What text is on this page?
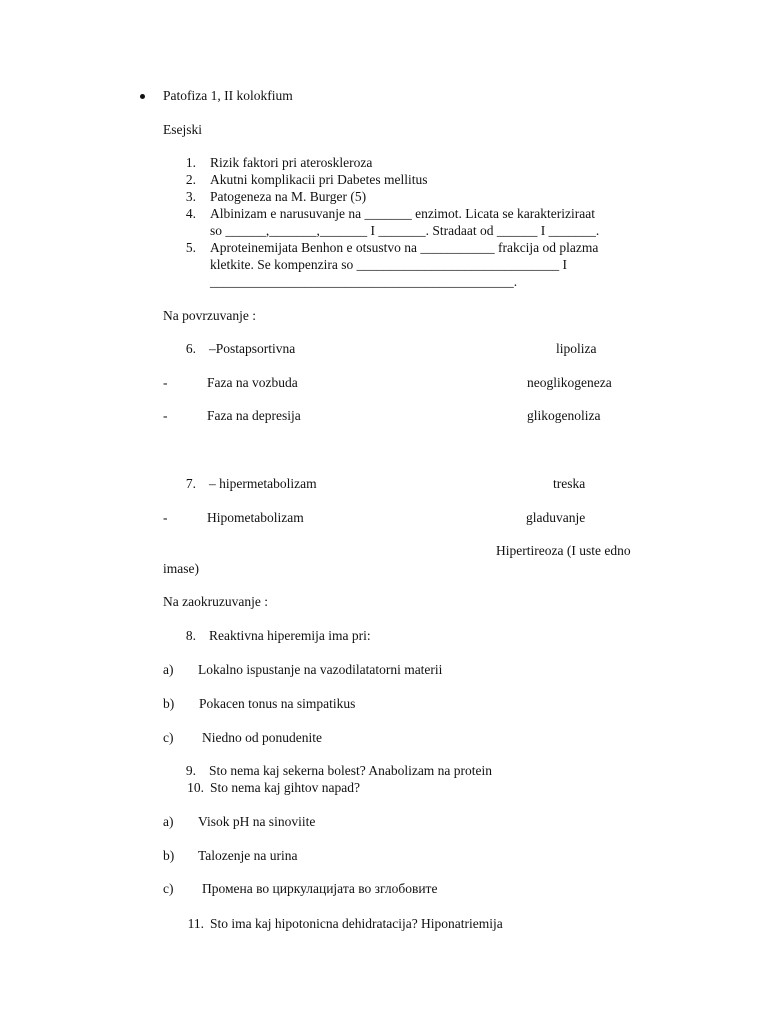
Patofiza 1, II kolokfium
Esejski
1. Rizik faktori pri ateroskleroza
2. Akutni komplikacii pri Dabetes mellitus
3. Patogeneza na M. Burger (5)
4. Albinizam e narusuvanje na _______ enzimot. Licata se karakteriziraat
so ______,_______,_______ I _______. Stradaat od ______ I _______.
5. Aproteinemijata Benhon e otsustvo na ___________ frakcija od plazma
kletkite. Se kompenzira so ______________________________ I
_____________________________________________.
Na povrzuvanje :
6. –Postapsortivna	lipoliza
-	Faza na vozbuda	neoglikogeneza
-	Faza na depresija	glikogenoliza
7. – hipermetabolizam	treska
-	Hipometabolizam	gladuvanje
Hipertireoza (I uste edno
imase)
Na zaokruzuvanje :
8. Reaktivna hiperemija ima pri:
a) Lokalno ispustanje na vazodilatatorni materii
b) Pokacen tonus na simpatikus
c) Niedno od ponudenite
9. Sto nema kaj sekerna bolest? Anabolizam na protein
10. Sto nema kaj gihtov napad?
a) Visok pH na sinoviite
b) Talozenje na urina
c) Промена во циркулацијата во зглобовите
11. Sto ima kaj hipotonicna dehidratacija? Hiponatriemija
